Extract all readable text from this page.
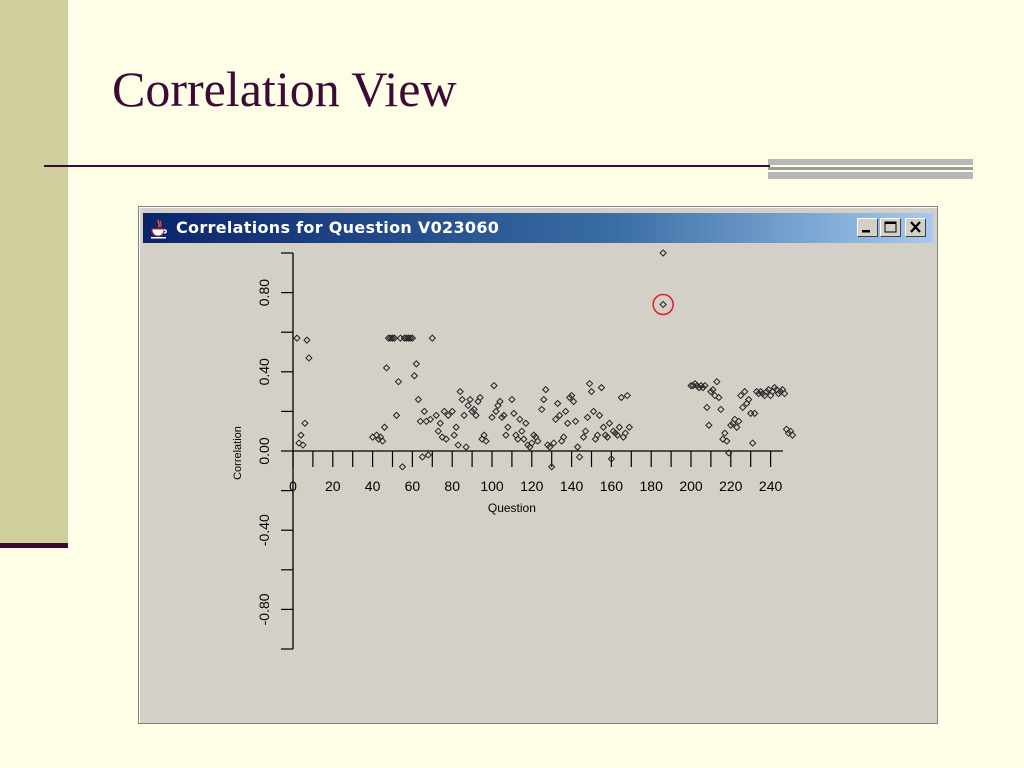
Correlation View
Correlations for Question V023060
0.80
0.40
0.00
-0.40
-0.80
0 20 40 60 80 100 120 140 160 180 200 220 240
Correlation
Question
